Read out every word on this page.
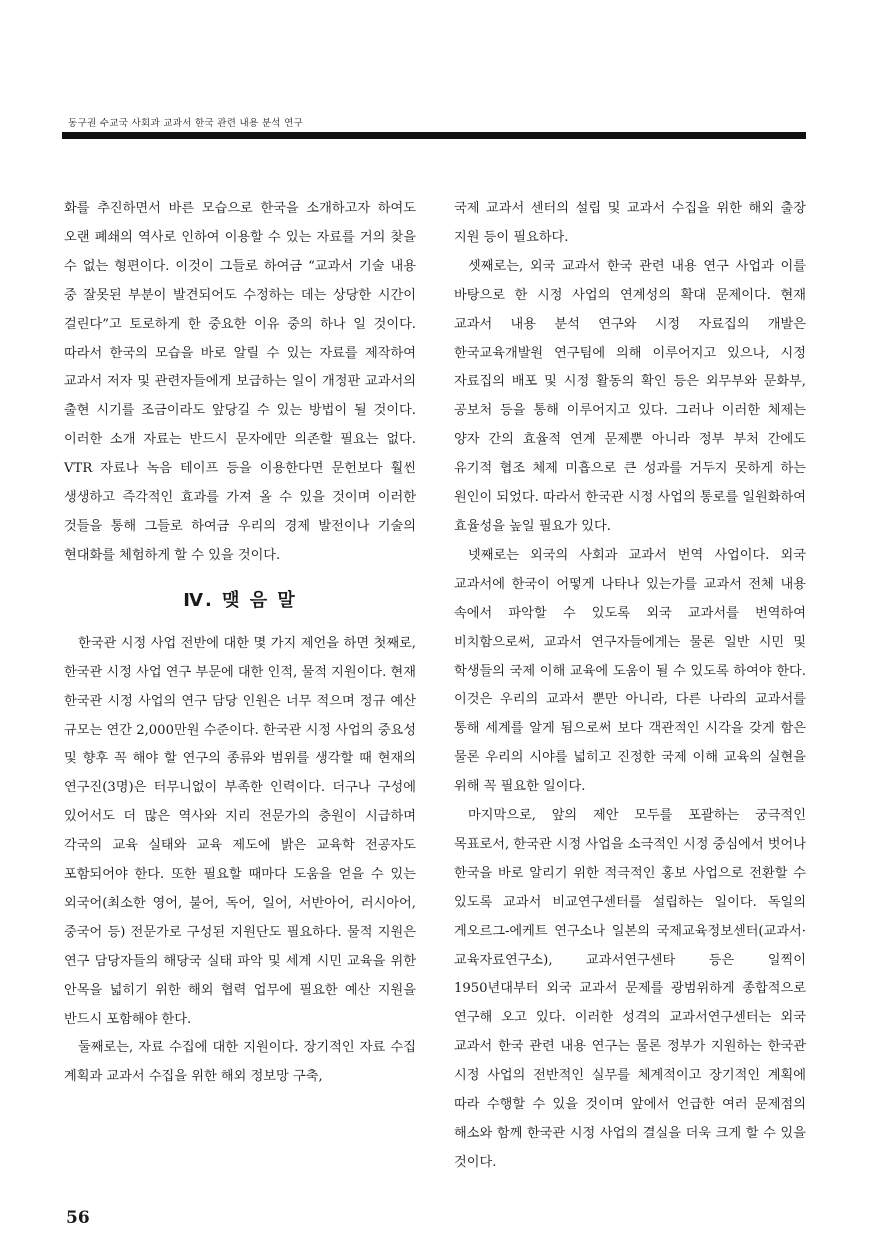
동구권 수교국 사회과 교과서 한국 관련 내용 분석 연구

화를 추진하면서 바른 모습으로 한국을 소개하고자 하여도 오랜 폐쇄의 역사로 인하여 이용할 수 있는 자료를 거의 찾을 수 없는 형편이다. 이것이 그들로 하여금 “교과서 기술 내용 중 잘못된 부분이 발견되어도 수정하는 데는 상당한 시간이 걸린다”고 토로하게 한 중요한 이유 중의 하나 일 것이다. 따라서 한국의 모습을 바로 알릴 수 있는 자료를 제작하여 교과서 저자 및 관련자들에게 보급하는 일이 개정판 교과서의 출현 시기를 조금이라도 앞당길 수 있는 방법이 될 것이다. 이러한 소개 자료는 반드시 문자에만 의존할 필요는 없다. VTR 자료나 녹음 테이프 등을 이용한다면 문헌보다 훨씬 생생하고 즉각적인 효과를 가져 올 수 있을 것이며 이러한 것들을 통해 그들로 하여금 우리의 경제 발전이나 기술의 현대화를 체험하게 할 수 있을 것이다.

Ⅳ. 맺 음 말

한국관 시정 사업 전반에 대한 몇 가지 제언을 하면 첫째로, 한국관 시정 사업 연구 부문에 대한 인적, 물적 지원이다. 현재 한국관 시정 사업의 연구 담당 인원은 너무 적으며 정규 예산 규모는 연간 2,000만원 수준이다. 한국관 시정 사업의 중요성 및 향후 꼭 해야 할 연구의 종류와 범위를 생각할 때 현재의 연구진(3명)은 터무니없이 부족한 인력이다. 더구나 구성에 있어서도 더 많은 역사와 지리 전문가의 충원이 시급하며 각국의 교육 실태와 교육 제도에 밝은 교육학 전공자도 포함되어야 한다. 또한 필요할 때마다 도움을 얻을 수 있는 외국어(최소한 영어, 불어, 독어, 일어, 서반아어, 러시아어, 중국어 등) 전문가로 구성된 지원단도 필요하다. 물적 지원은 연구 담당자들의 해당국 실태 파악 및 세계 시민 교육을 위한 안목을 넓히기 위한 해외 협력 업무에 필요한 예산 지원을 반드시 포함해야 한다.

둘째로는, 자료 수집에 대한 지원이다. 장기적인 자료 수집 계획과 교과서 수집을 위한 해외 정보망 구축,

국제 교과서 센터의 설립 및 교과서 수집을 위한 해외 출장 지원 등이 필요하다.

셋째로는, 외국 교과서 한국 관련 내용 연구 사업과 이를 바탕으로 한 시정 사업의 연계성의 확대 문제이다. 현재 교과서 내용 분석 연구와 시정 자료집의 개발은 한국교육개발원 연구팀에 의해 이루어지고 있으나, 시정 자료집의 배포 및 시정 활동의 확인 등은 외무부와 문화부, 공보처 등을 통해 이루어지고 있다. 그러나 이러한 체제는 양자 간의 효율적 연계 문제뿐 아니라 정부 부처 간에도 유기적 협조 체제 미흡으로 큰 성과를 거두지 못하게 하는 원인이 되었다. 따라서 한국관 시정 사업의 통로를 일원화하여 효율성을 높일 필요가 있다.

넷째로는 외국의 사회과 교과서 번역 사업이다. 외국 교과서에 한국이 어떻게 나타나 있는가를 교과서 전체 내용 속에서 파악할 수 있도록 외국 교과서를 번역하여 비치함으로써, 교과서 연구자들에게는 물론 일반 시민 및 학생들의 국제 이해 교육에 도움이 될 수 있도록 하여야 한다. 이것은 우리의 교과서 뿐만 아니라, 다른 나라의 교과서를 통해 세계를 알게 됨으로써 보다 객관적인 시각을 갖게 함은 물론 우리의 시야를 넓히고 진정한 국제 이해 교육의 실현을 위해 꼭 필요한 일이다.

마지막으로, 앞의 제안 모두를 포괄하는 궁극적인 목표로서, 한국관 시정 사업을 소극적인 시정 중심에서 벗어나 한국을 바로 알리기 위한 적극적인 홍보 사업으로 전환할 수 있도록 교과서 비교연구센터를 설립하는 일이다. 독일의 게오르그-에케트 연구소나 일본의 국제교육정보센터(교과서·교육자료연구소), 교과서연구센타 등은 일찍이 1950년대부터 외국 교과서 문제를 광범위하게 종합적으로 연구해 오고 있다. 이러한 성격의 교과서연구센터는 외국 교과서 한국 관련 내용 연구는 물론 정부가 지원하는 한국관 시정 사업의 전반적인 실무를 체계적이고 장기적인 계획에 따라 수행할 수 있을 것이며 앞에서 언급한 여러 문제점의 해소와 함께 한국관 시정 사업의 결실을 더욱 크게 할 수 있을 것이다.

56
